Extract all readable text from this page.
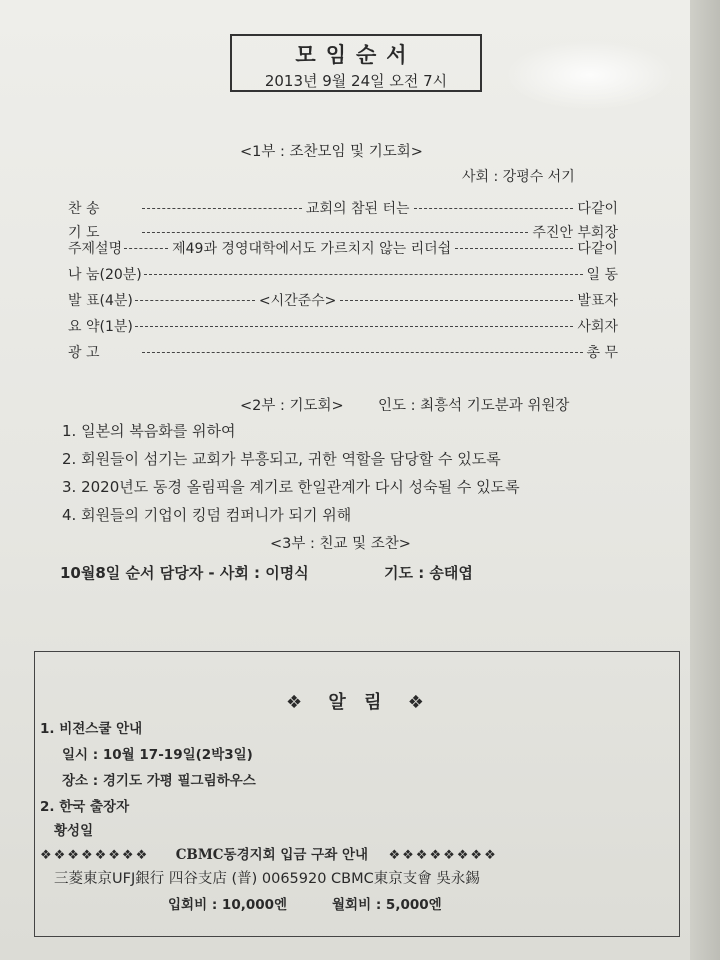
모임순서
2013년 9월 24일 오전 7시
<1부 : 조찬모임 및 기도회>
사회 : 강평수 서기
찬 송	교회의 참된 터는	다같이
기 도	주진안 부회장
주제설명	제49과 경영대학에서도 가르치지 않는 리더쉽	다같이
나 눔(20분)	일 동
발 표(4분)	<시간준수>	발표자
요 약(1분)	사회자
광 고	총 무
<2부 : 기도회> 인도 : 최흥석 기도분과 위원장
1. 일본의 복음화를 위하여
2. 회원들이 섬기는 교회가 부흥되고, 귀한 역할을 담당할 수 있도록
3. 2020년도 동경 올림픽을 계기로 한일관계가 다시 성숙될 수 있도록
4. 회원들의 기업이 킹덤 컴퍼니가 되기 위해
<3부 : 친교 및 조찬>
10월8일 순서 담당자 - 사회 : 이명식	기도 : 송태엽
❖ 알 림 ❖
1. 비젼스쿨 안내
일시 : 10월 17-19일(2박3일)
장소 : 경기도 가평 필그림하우스
2. 한국 출장자
황성일
❖❖❖❖❖❖❖❖ CBMC동경지회 입금 구좌 안내 ❖❖❖❖❖❖❖❖
三菱東京UFJ銀行 四谷支店 (普) 0065920 CBMC東京支會 吳永錫
입회비 : 10,000엔	월회비 : 5,000엔
